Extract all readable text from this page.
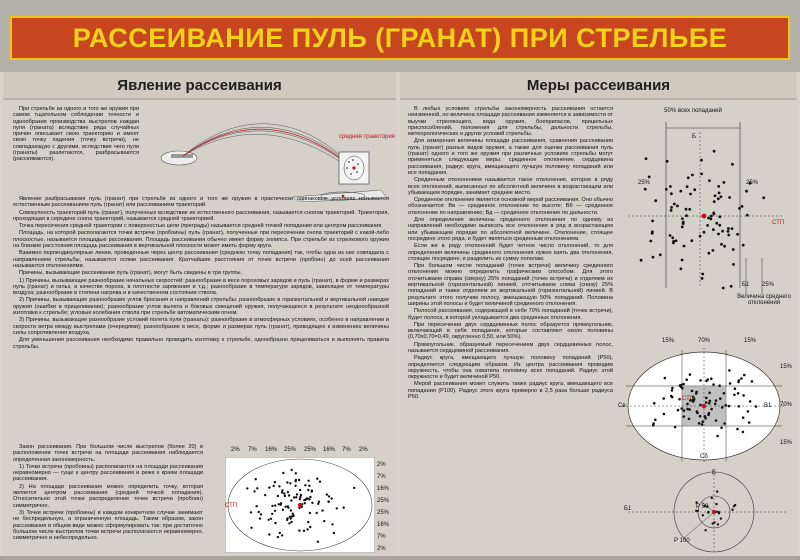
РАССЕИВАНИЕ ПУЛЬ (ГРАНАТ) ПРИ СТРЕЛЬБЕ
Явление рассеивания

При стрельбе из одного и того же оружия при самом тщательном соблюдении точности и однообразия производства выстрелов каждая пуля (граната) вследствие ряда случайных причин описывает свою траекторию и имеет свою точку падения (точку встречи), не совпадающую с другими, вследствие чего пули (гранаты) разлетаются, разбрасываются (рассеиваются).

средняя траектория

Явление разбрасывания пуль (гранат) при стрельбе из одного и того же оружия в практически одинаковых условиях называется естественным рассеиванием пуль (гранат) или рассеиванием траекторий.

Совокупность траекторий пуль (гранат), полученных вследствие их естественного рассеивания, называется снопом траекторий. Траектория, проходящая в середине снопа траекторий, называется средней траекторией.

Точка пересечения средней траектории с поверхностью цели (преграды) называется средней точкой попадания или центром рассеивания.

Площадь, на которой располагаются точки встречи (пробоины) пуль (гранат), полученные при пересечении снопа траекторий с какой-либо плоскостью, называется площадью рассеивания. Площадь рассеивания обычно имеет форму эллипса. При стрельбе из стрелкового оружия на близкие расстояния площадь рассеивания в вертикальной плоскости может иметь форму круга.

Взаимно перпендикулярные линии, проведенные через центр рассеивания (среднюю точку попадания) так, чтобы одна из них совпадала с направлением стрельбы, называются осями рассеивания. Кратчайшие расстояния от точек встречи (пробоин) до осей рассеивания называются отклонениями.

Причины, вызывающие рассеивание пуль (гранат), могут быть сведены в три группы.

1) Причины, вызывающие разнообразие начальных скоростей: разнообразие в весе пороховых зарядов и пуль (гранат), в форме и размерах пуль (гранат) и гильз, в качестве пороха, в плотности заряжания и т.д.; разнообразие в температуре зарядов, зависящее от температуры воздуха; разнообразие в степени нагрева и в качественном состоянии ствола.

2) Причины, вызывающие разнообразие углов бросания и направлений стрельбы: разнообразие в горизонтальной и вертикальной наводке оружия (ошибки в прицеливании); разнообразие углов вылета и боковых смещений оружия, получающееся в результате неоднообразной изготовки к стрельбе; угловые колебания ствола при стрельбе автоматическим огнем.

3) Причины, вызывающие разнообразие условий полета пули (гранаты): разнообразие в атмосферных условиях, особенно в направлении и скорости ветра между выстрелами (очередями); разнообразие в весе, форме и размерах пуль (гранат), приводящее к изменению величины силы сопротивления воздуха.

Для уменьшения рассеивания необходимо правильно проводить изготовку к стрельбе, однообразно прицеливаться и выполнять правила стрельбы.

Закон рассеивания. При большом числе выстрелов (более 20) в расположении точек встречи на площади рассеивания наблюдается определенная закономерность.

1) Точки встречи (пробоины) располагаются на площади рассеивания неравномерно — гуще к центру рассеивания и реже к краям площади рассеивания.

2) На площади рассеивания можно определить точку, которая является центром рассеивания (средней точкой попадания). Относительно этой точки распределение точек встречи (пробоин) симметрично.

3) Точки встречи (пробоины) в каждом конкретном случае занимают не беспредельную, а ограниченную площадь. Таким образом, закон рассеивания в общем виде можно сформулировать так: при достаточно большом числе выстрелов точки встречи располагаются неравномерно, симметрично и небеспредельно.

2% 7% 16% 25% 25% 16% 7% 2%
2%
7%
16%
25%
25%
16%
7%
2%
СТП
Меры рассеивания

В любых условиях стрельбы закономерность рассеивания остается неизменной, но величина площади рассеивания изменяется в зависимости от выучки стреляющего, вида оружия, боеприпасов, прицельных приспособлений, положения для стрельбы, дальности стрельбы, метеорологических и других условий стрельбы.

Для измерения величины площади рассеивания, сравнения рассеивания пуль (гранат) разных видов оружия, а также для оценки рассеивания пуль (гранат) одного и того же оружия при различных условиях стрельбы могут применяться следующие меры: срединное отклонение, сердцевина рассеивания, радиус круга, вмещающего лучшую половину попаданий или все попадания.

Срединным отклонением называется такое отклонение, которое в ряду всех отклонений, выписанных по абсолютной величине в возрастающем или убывающем порядке, занимает среднее место.

Срединное отклонение является основной мерой рассеивания. Оно обычно обозначается: Вв — срединное отклонение по высоте; Вб — срединное отклонение по направлению; Вд — срединное отклонение по дальности.

Для определения величины срединного отклонения по одному из направлений необходимо выписать все отклонения в ряд в возрастающем или убывающем порядке по абсолютной величине. Отклонение, стоящее посредине этого ряда, и будет являться срединным отклонением.

Если же в ряду отклонений будет четное число отклонений, то для определения величины срединного отклонения нужно взять два отклонения, стоящие посредине, и разделить их сумму пополам.

При большом числе попаданий (точек встречи) величину срединного отклонения можно определить графическим способом. Для этого отсчитываем справа (сверху) 25% попаданий (точек встречи) и отделяем их вертикальной (горизонтальной) линией, отсчитываем слева (снизу) 25% попаданий и также отделяем их вертикальной (горизонтальной) линией. В результате этого получим полосу, вмещающую 50% попаданий. Половина ширины этой полосы и будет величиной срединного отклонения.

Полосой рассеивания, содержащей в себе 70% попаданий (точек встречи), будет полоса, в которой укладывается два срединных отклонения.

При пересечении двух сердцевинных полос образуется прямоугольник, включающий в себя попадания, которые составляют около половины (0,70х0,70=0,49, округленно 0,50, или 50%).

Прямоугольник, образуемый пересечением двух сердцевинных полос, называется сердцевиной рассеивания.

Радиус круга, вмещающего лучшую половину попаданий (Р50), определяется следующим образом. Из центра рассеивания проводим окружность, чтобы она охватила половину всех попаданий. Радиус этой окружности и будет величиной Р50.

Мерой рассеивания может служить также радиус круга, вмещающего все попадания (Р100). Радиус этого круга примерно в 2,5 раза больше радиуса Р50.

50% всех попаданий
25%	25%
Б
СТП
Б1 25%
Величина среднего отклонения
15%	70%	15%
15%
70%
15%
Св
СТП
В1
Сб
Р 50
Р 100
Б
Б1
